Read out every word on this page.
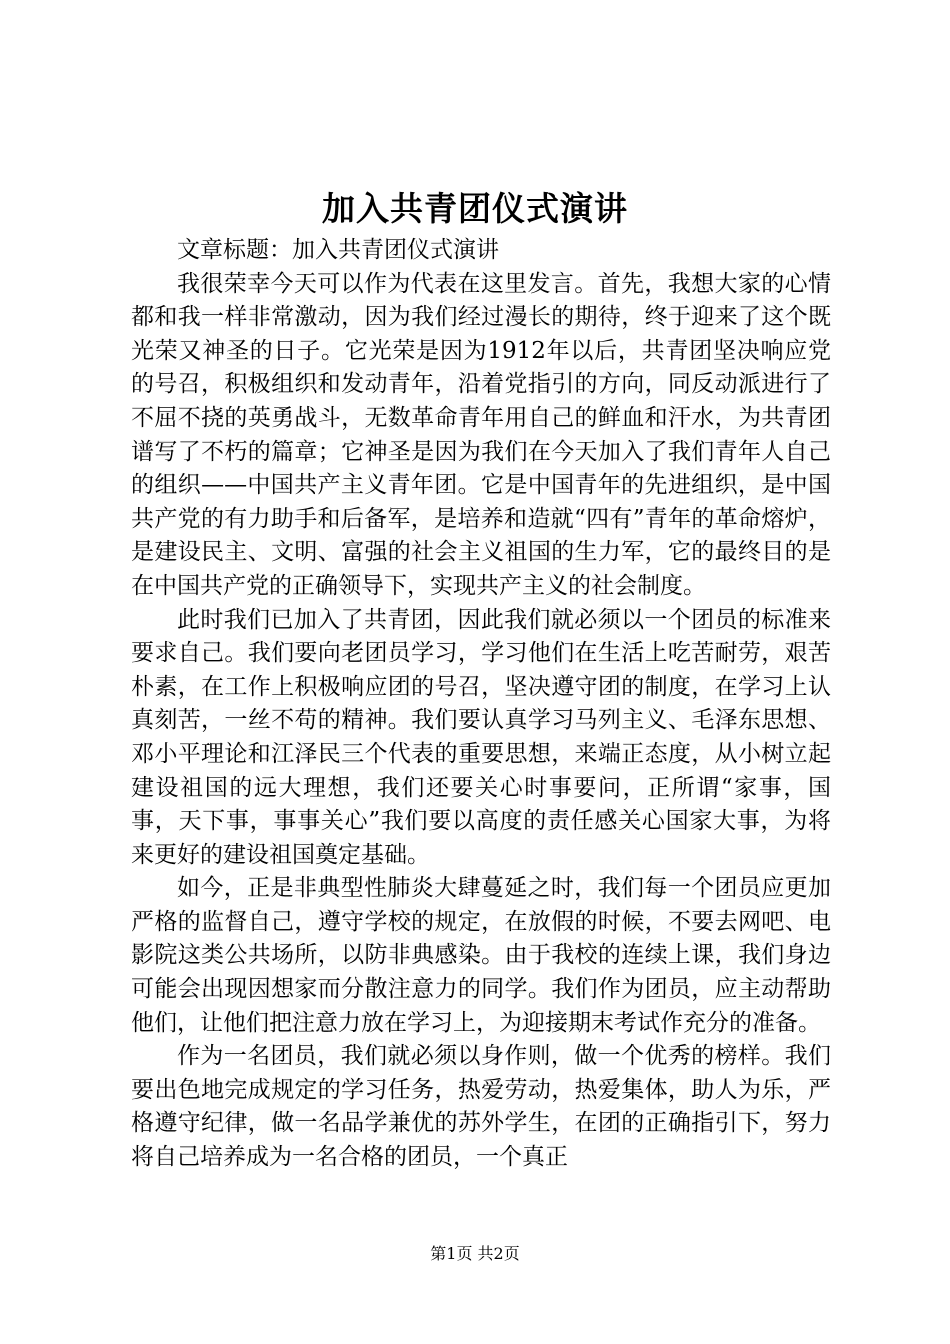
加入共青团仪式演讲

文章标题：加入共青团仪式演讲

我很荣幸今天可以作为代表在这里发言。首先，我想大家的心情都和我一样非常激动，因为我们经过漫长的期待，终于迎来了这个既光荣又神圣的日子。它光荣是因为1912年以后，共青团坚决响应党的号召，积极组织和发动青年，沿着党指引的方向，同反动派进行了不屈不挠的英勇战斗，无数革命青年用自己的鲜血和汗水，为共青团谱写了不朽的篇章；它神圣是因为我们在今天加入了我们青年人自己的组织——中国共产主义青年团。它是中国青年的先进组织，是中国共产党的有力助手和后备军，是培养和造就“四有”青年的革命熔炉，是建设民主、文明、富强的社会主义祖国的生力军，它的最终目的是在中国共产党的正确领导下，实现共产主义的社会制度。

此时我们已加入了共青团，因此我们就必须以一个团员的标准来要求自己。我们要向老团员学习，学习他们在生活上吃苦耐劳，艰苦朴素，在工作上积极响应团的号召，坚决遵守团的制度，在学习上认真刻苦，一丝不苟的精神。我们要认真学习马列主义、毛泽东思想、邓小平理论和江泽民三个代表的重要思想，来端正态度，从小树立起建设祖国的远大理想，我们还要关心时事要问，正所谓“家事，国事，天下事，事事关心”我们要以高度的责任感关心国家大事，为将来更好的建设祖国奠定基础。

如今，正是非典型性肺炎大肆蔓延之时，我们每一个团员应更加严格的监督自己，遵守学校的规定，在放假的时候，不要去网吧、电影院这类公共场所，以防非典感染。由于我校的连续上课，我们身边可能会出现因想家而分散注意力的同学。我们作为团员，应主动帮助他们，让他们把注意力放在学习上，为迎接期末考试作充分的准备。

作为一名团员，我们就必须以身作则，做一个优秀的榜样。我们要出色地完成规定的学习任务，热爱劳动，热爱集体，助人为乐，严格遵守纪律，做一名品学兼优的苏外学生，在团的正确指引下，努力将自己培养成为一名合格的团员，一个真正

第1页 共2页
